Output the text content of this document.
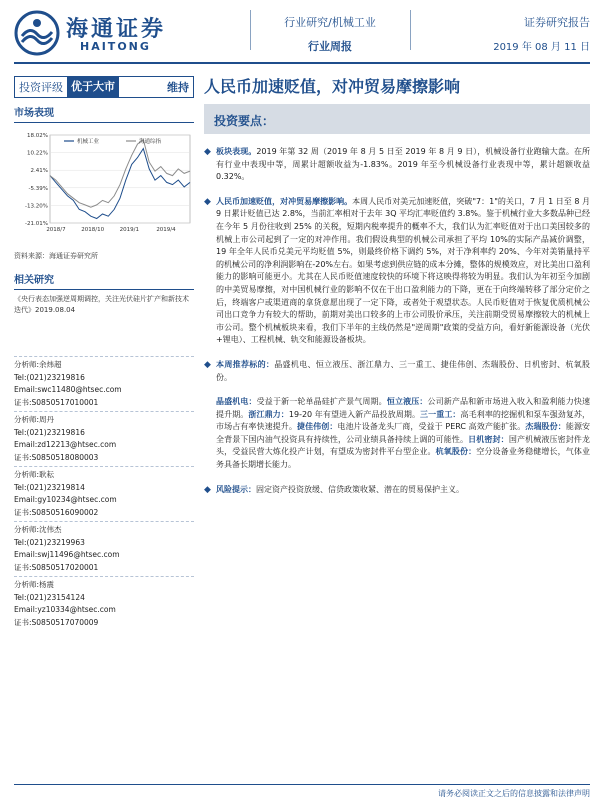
海通证券
HAITONG
行业研究/机械工业
行业周报
证券研究报告
2019 年 08 月 11 日
投资评级 优于大市	维持 人民币加速贬值，对冲贸易摩擦影响
市场表现
18.02%
10.22%
2.41%
-5.39%
-13.20%
-21.01%
2018/7	2018/10	2019/1	2019/4
机械工业	海通综指
资料来源：海通证券研究所
相关研究
《央行表态加强逆周期调控，关注光伏硅片扩产和新技术迭代》2019.08.04
分析师:余炜超
Tel:(021)23219816
Email:swc11480@htsec.com
证书:S0850517010001
分析师:周丹
Tel:(021)23219816
Email:zd12213@htsec.com
证书:S0850518080003
分析师:耿耘
Tel:(021)23219814
Email:gy10234@htsec.com
证书:S0850516090002
分析师:沈伟杰
Tel:(021)23219963
Email:swj11496@htsec.com
证书:S0850517020001
分析师:杨震
Tel:(021)23154124
Email:yz10334@htsec.com
证书:S0850517070009
投资要点：
◆ 板块表现。2019 年第 32 周（2019 年 8 月 5 日至 2019 年 8 月 9 日），机械设备行业跑输大盘。在所有行业中表现中等，周累计超额收益为-1.83%。2019 年至今机械设备行业表现中等，累计超额收益 0.32%。
◆ 人民币加速贬值，对冲贸易摩擦影响。本周人民币对美元加速贬值，突破"7：1"的关口，7 月 1 日至 8 月 9 日累计贬值已达 2.8%，当前汇率相对于去年 3Q 平均汇率贬值约 3.8%。鉴于机械行业大多数品种已经在今年 5 月份往收到 25% 的关税，短期内税率提升的概率不大，我们认为汇率贬值对于出口美国较多的机械上市公司起到了一定的对冲作用。我们假设典型的机械公司承担了平均 10%的实际产品减价调整，19 年全年人民币兑美元平均贬值 5%，则最终价格下调约 5%，对于净利率约 20%、今年对美销量持平的机械公司的净利润影响在-20%左右。如果考虑到供应链的成本分摊，整体的规模效应，对比美出口盈利能力的影响可能更小。尤其在人民币贬值速度较快的环境下将这映得将较为明显。我们认为年初至今加剧的中美贸易摩擦，对中国机械行业的影响不仅在于出口盈利能力的下降，更在于向终端转移了部分定价之后，终端客户或渠道商的拿货意愿出现了一定下降，或者处于观望状态。人民币贬值对于恢复优质机械公司出口竞争力有较大的帮助，前期对美出口较多的上市公司股价承压，关注前期受贸易摩擦较大的机械上市公司。整个机械板块来看，我们下半年的主线仍然是"逆周期"政策的受益方向，看好新能源设备（光伏+锂电）、工程机械、轨交和能源设备板块。
◆ 本周推荐标的：晶盛机电、恒立液压、浙江鼎力、三一重工、捷佳伟创、杰瑞股份、日机密封、杭氧股份。
晶盛机电：受益于新一轮单晶硅扩产景气周期。恒立液压：公司新产品和新市场进入收入和盈利能力快速提升期。浙江鼎力：19-20 年有望进入新产品投放周期。三一重工：高毛利率的挖掘机和泵车强劲复苏，市场占有率快速提升。捷佳伟创：电池片设备龙头厂商，受益于 PERC 高效产能扩张。杰瑞股份：能源安全背景下国内油气投资具有持续性，公司业绩具备持续上调的可能性。日机密封：国产机械液压密封件龙头，受益民营大炼化投产计划，有望成为密封件平台型企业。杭氧股份：空分设备业务稳健增长，气体业务具备长期增长能力。
◆ 风险提示：固定资产投资放缓、信贷政策收紧、潜在的贸易保护主义。
请务必阅读正文之后的信息披露和法律声明
